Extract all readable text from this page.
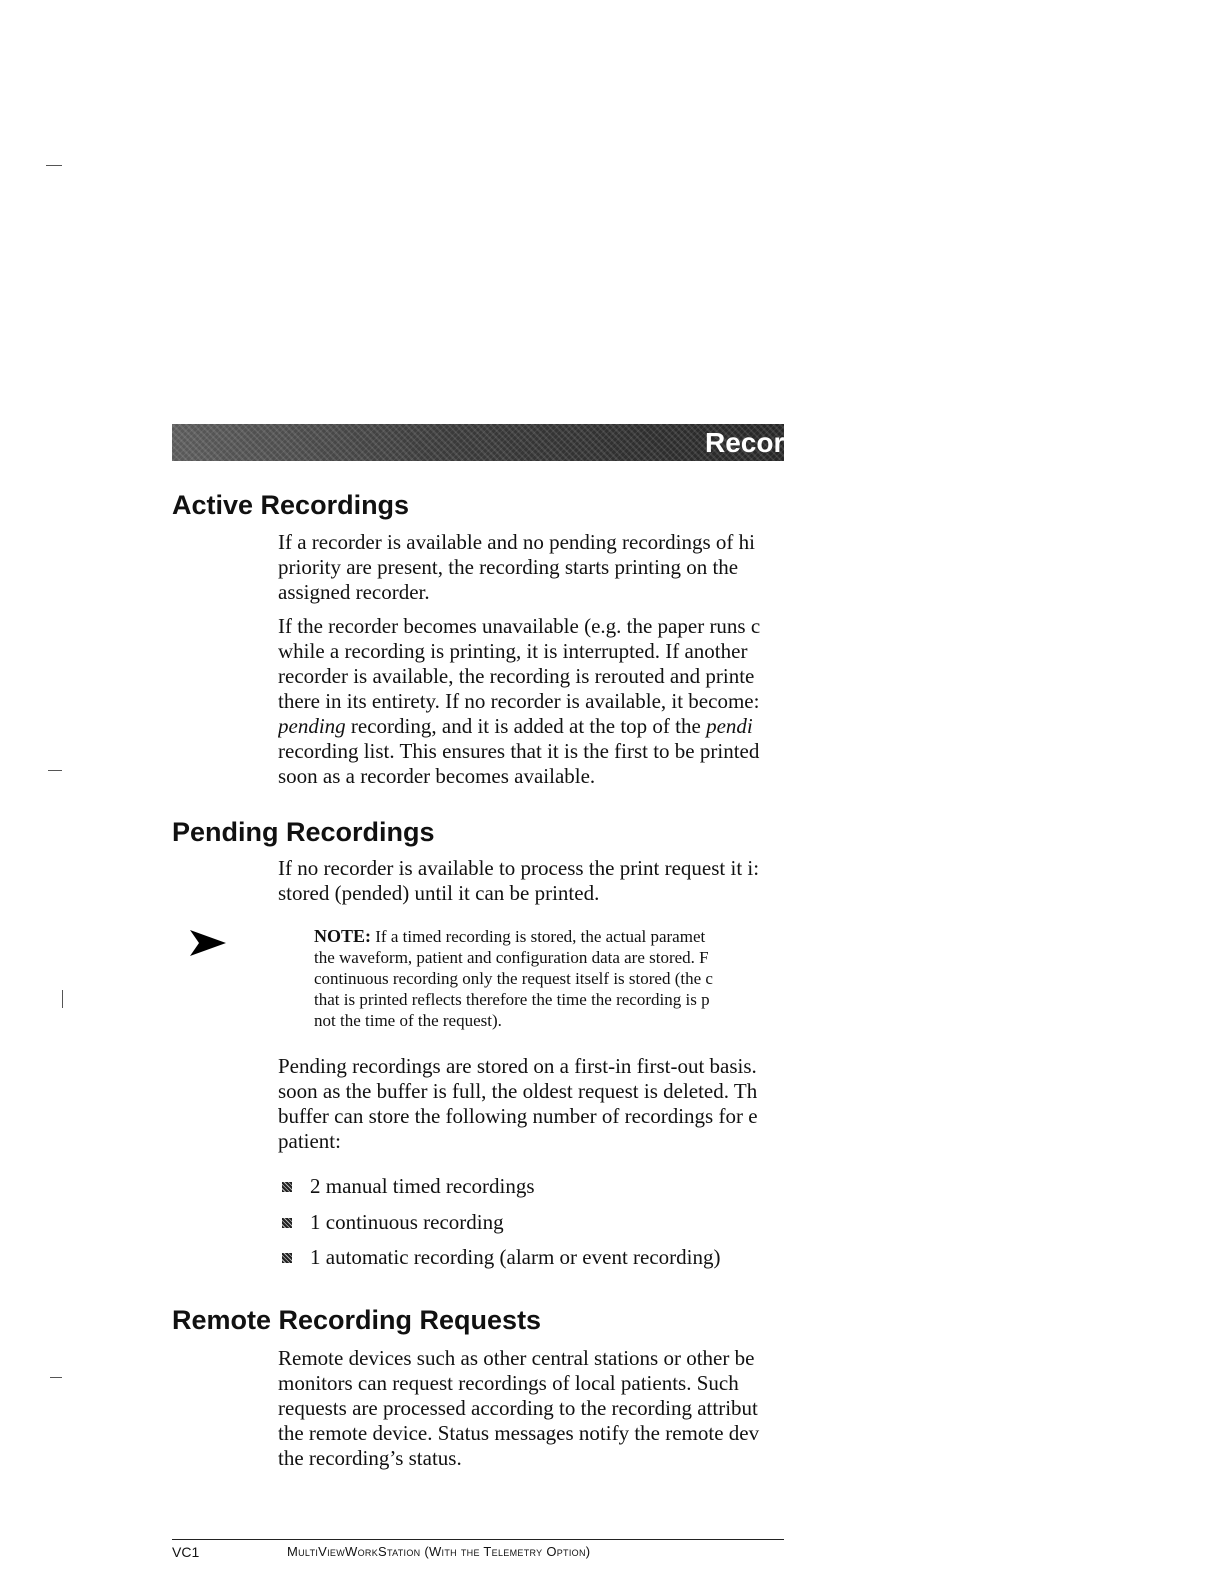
Recor
Active Recordings
If a recorder is available and no pending recordings of hi
priority are present, the recording starts printing on the
assigned recorder.
If the recorder becomes unavailable (e.g. the paper runs c
while a recording is printing, it is interrupted. If another
recorder is available, the recording is rerouted and printe
there in its entirety. If no recorder is available, it become:
pending recording, and it is added at the top of the pendi
recording list. This ensures that it is the first to be printed
soon as a recorder becomes available.
Pending Recordings
If no recorder is available to process the print request it i:
stored (pended) until it can be printed.
NOTE: If a timed recording is stored, the actual paramet
the waveform, patient and configuration data are stored. F
continuous recording only the request itself is stored (the c
that is printed reflects therefore the time the recording is p
not the time of the request).
Pending recordings are stored on a first-in first-out basis.
soon as the buffer is full, the oldest request is deleted. Th
buffer can store the following number of recordings for e
patient:
2 manual timed recordings
1 continuous recording
1 automatic recording (alarm or event recording)
Remote Recording Requests
Remote devices such as other central stations or other be
monitors can request recordings of local patients. Such
requests are processed according to the recording attribut
the remote device. Status messages notify the remote dev
the recording’s status.
VC1	MultiViewWorkStation (With the Telemetry Option)
